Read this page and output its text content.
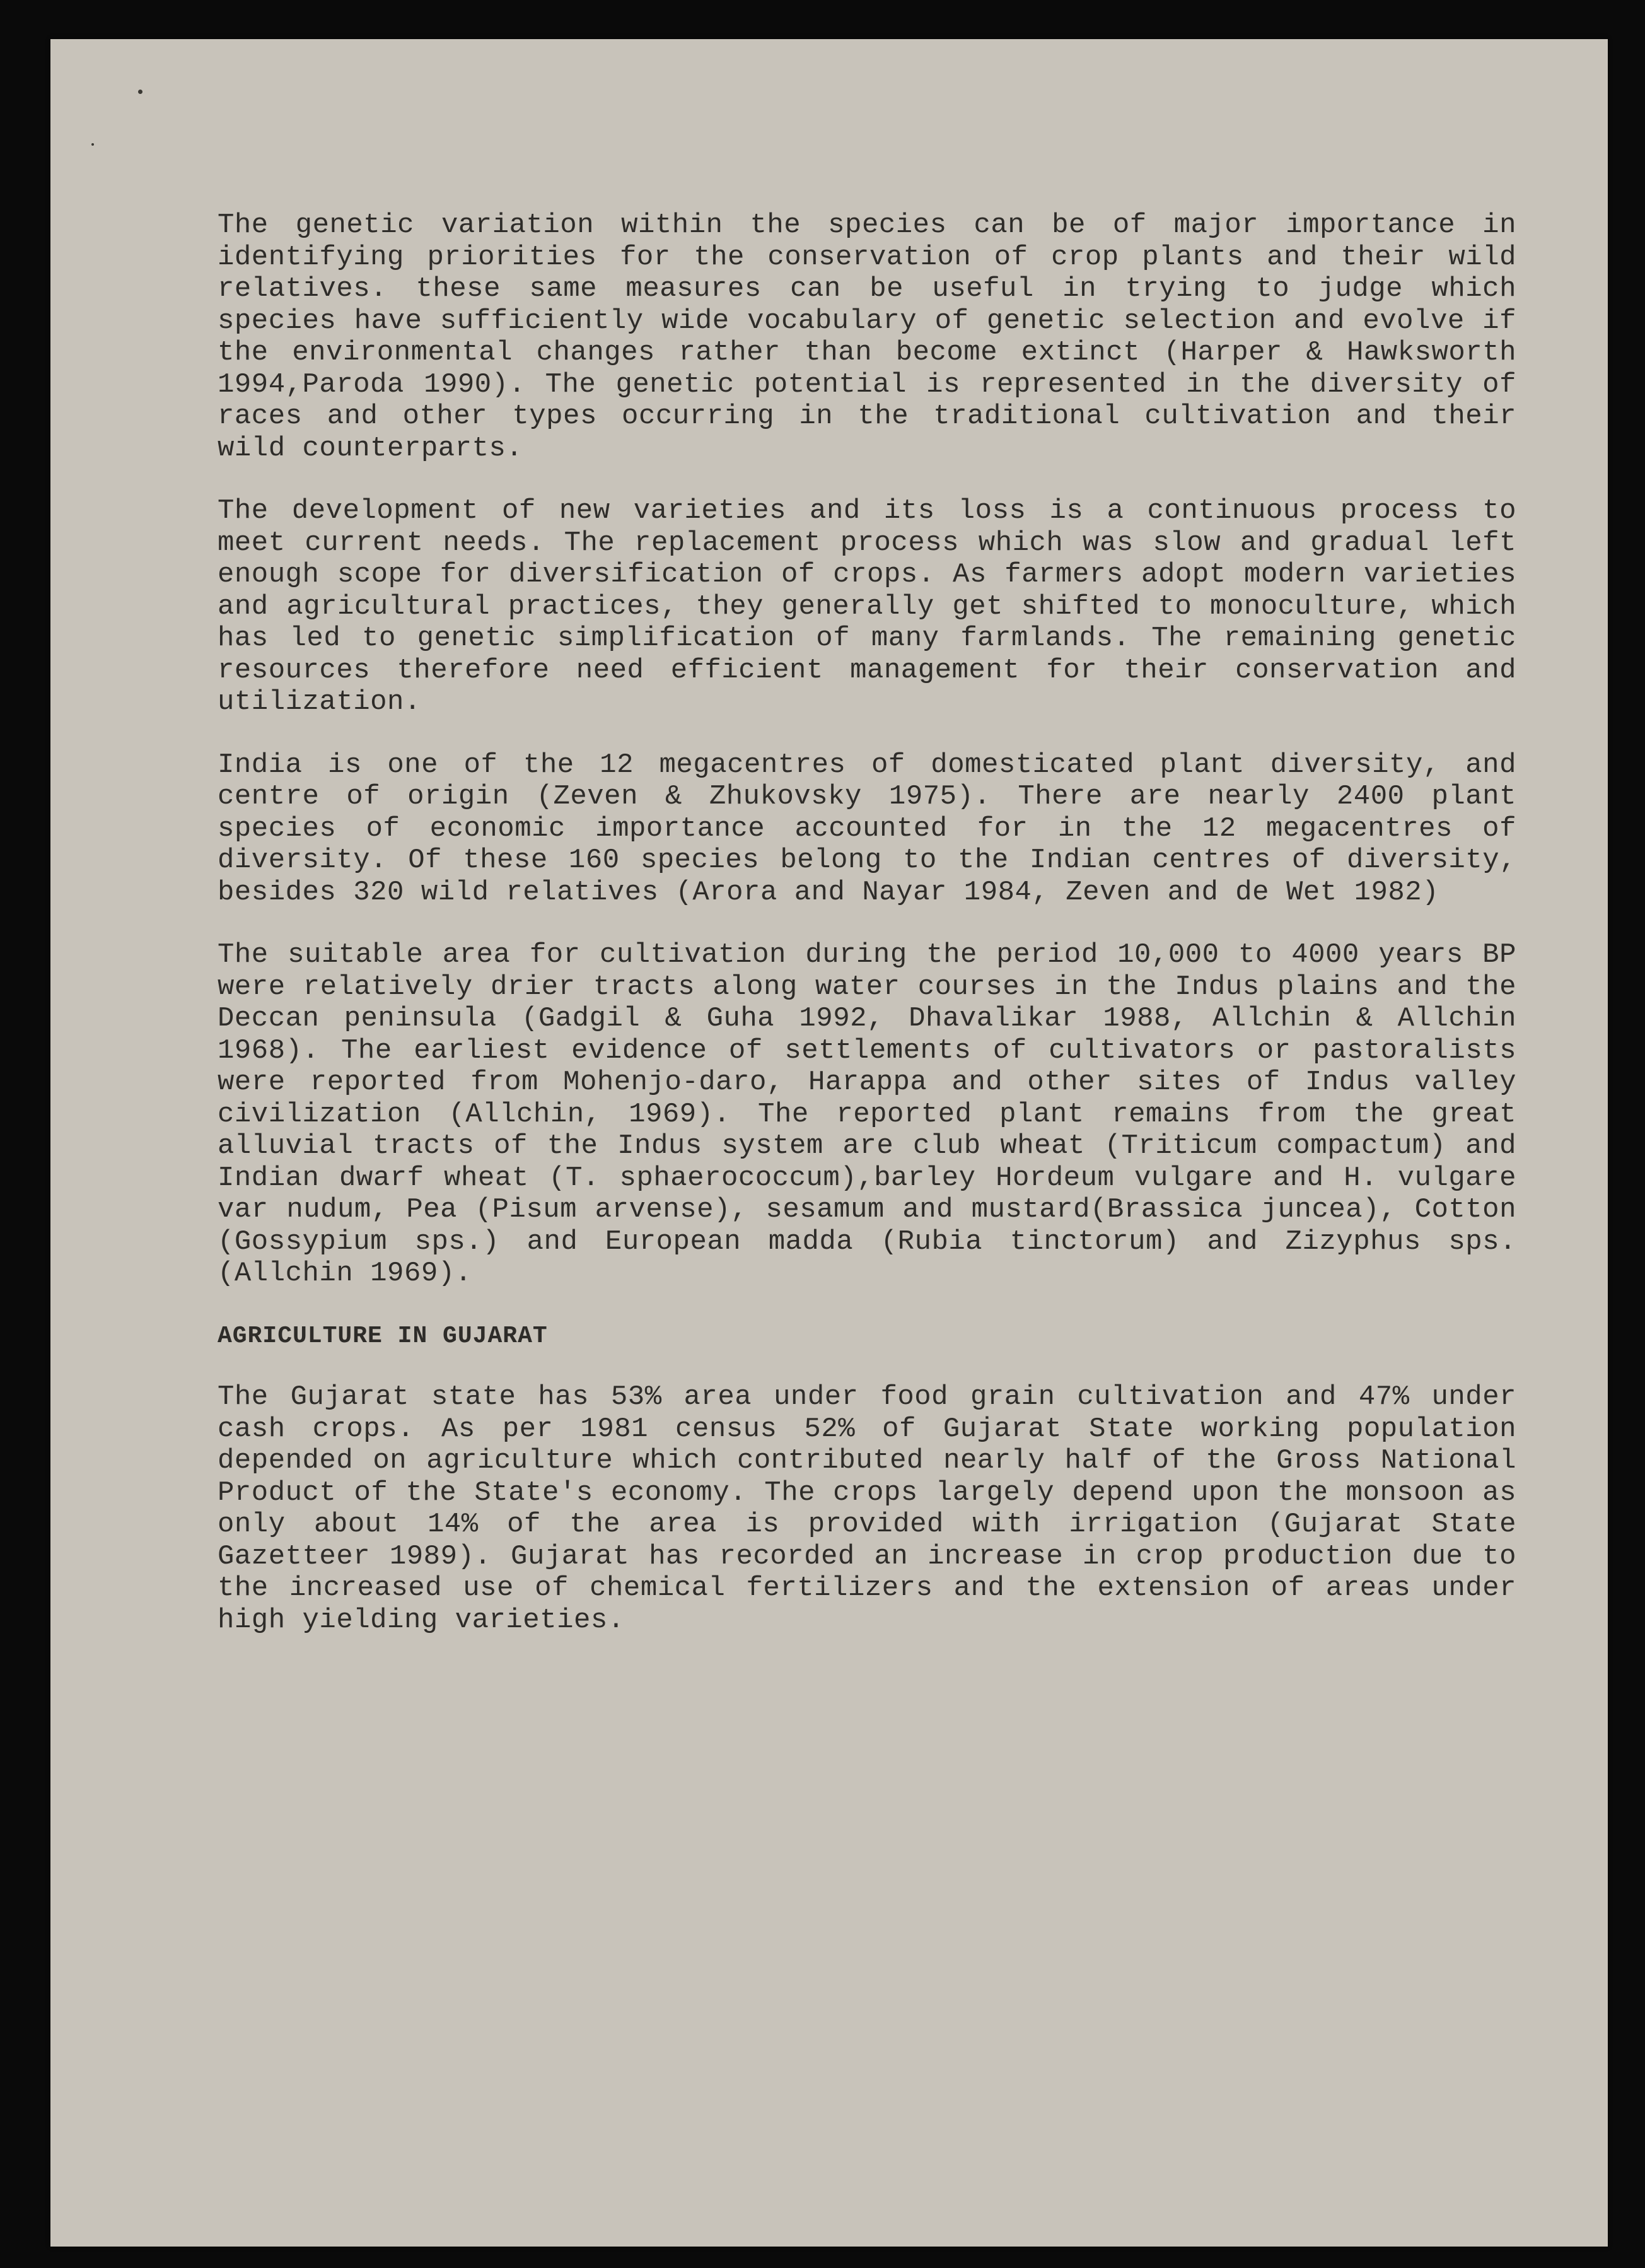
The genetic variation within the species can be of major importance in identifying priorities for the conservation of crop plants and their wild relatives. these same measures can be useful in trying to judge which species have sufficiently wide vocabulary of genetic selection and evolve if the environmental changes rather than become extinct (Harper & Hawksworth 1994,Paroda 1990). The genetic potential is represented in the diversity of races and other types occurring in the traditional cultivation and their wild counterparts.

The development of new varieties and its loss is a continuous process to meet current needs. The replacement process which was slow and gradual left enough scope for diversification of crops. As farmers adopt modern varieties and agricultural practices, they generally get shifted to monoculture, which has led to genetic simplification of many farmlands. The remaining genetic resources therefore need efficient management for their conservation and utilization.

India is one of the 12 megacentres of domesticated plant diversity, and centre of origin (Zeven & Zhukovsky 1975). There are nearly 2400 plant species of economic importance accounted for in the 12 megacentres of diversity. Of these 160 species belong to the Indian centres of diversity, besides 320 wild relatives (Arora and Nayar 1984, Zeven and de Wet 1982)

The suitable area for cultivation during the period 10,000 to 4000 years BP were relatively drier tracts along water courses in the Indus plains and the Deccan peninsula (Gadgil & Guha 1992, Dhavalikar 1988, Allchin & Allchin 1968). The earliest evidence of settlements of cultivators or pastoralists were reported from Mohenjo-daro, Harappa and other sites of Indus valley civilization (Allchin, 1969). The reported plant remains from the great alluvial tracts of the Indus system are club wheat (Triticum compactum) and Indian dwarf wheat (T. sphaerococcum),barley Hordeum vulgare and H. vulgare var nudum, Pea (Pisum arvense), sesamum and mustard(Brassica juncea), Cotton (Gossypium sps.) and European madda (Rubia tinctorum) and Zizyphus sps. (Allchin 1969).

AGRICULTURE IN GUJARAT

The Gujarat state has 53% area under food grain cultivation and 47% under cash crops. As per 1981 census 52% of Gujarat State working population depended on agriculture which contributed nearly half of the Gross National Product of the State's economy. The crops largely depend upon the monsoon as only about 14% of the area is provided with irrigation (Gujarat State Gazetteer 1989). Gujarat has recorded an increase in crop production due to the increased use of chemical fertilizers and the extension of areas under high yielding varieties.
